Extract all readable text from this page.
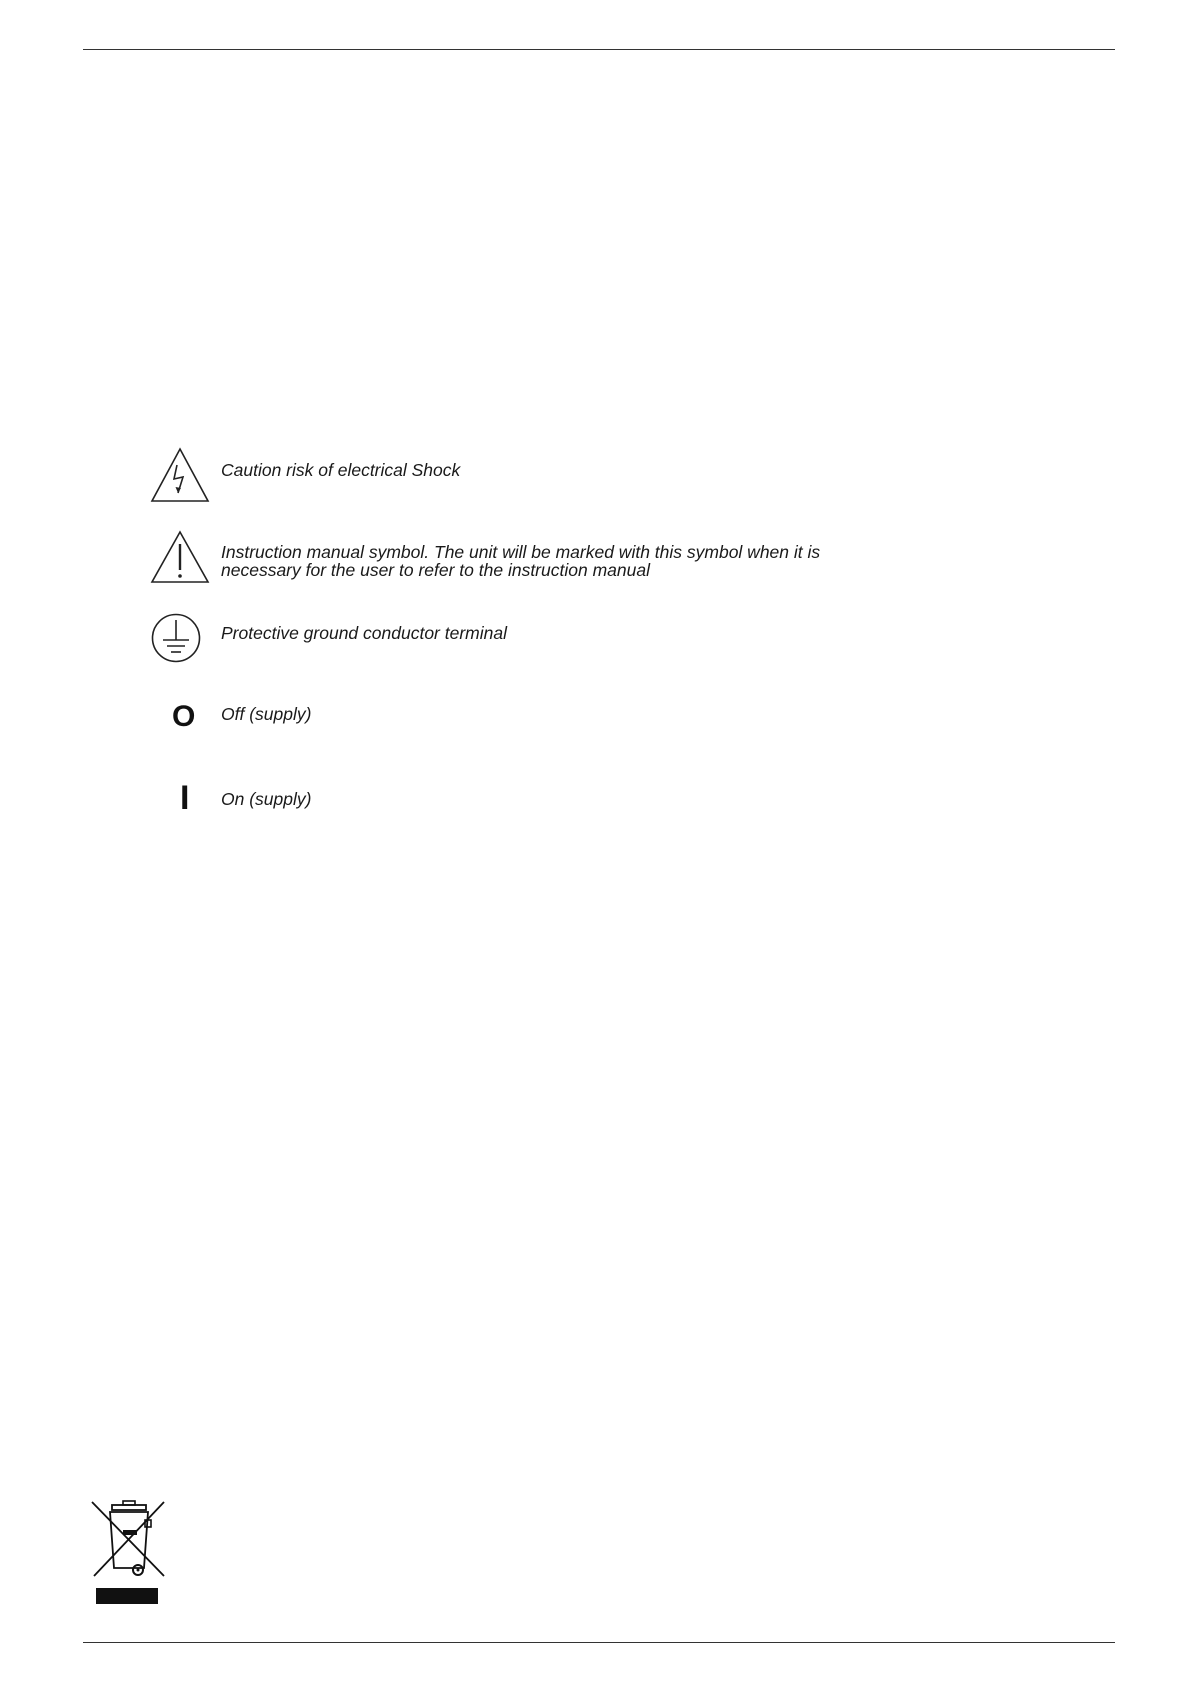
Caution risk of electrical Shock
Instruction manual symbol. The unit will be marked with this symbol when it is
necessary for the user to refer to the instruction manual
Protective ground conductor terminal
O Off (supply)
I On (supply)
